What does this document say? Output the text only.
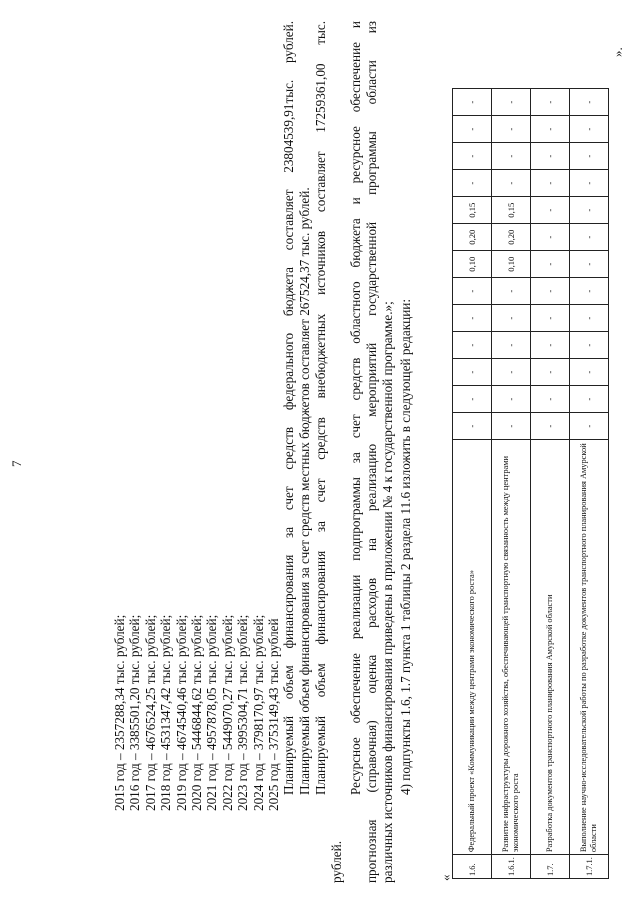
7
2015 год – 2357288,34 тыс. рублей; 2016 год – 3385501,20 тыс. рублей; 2017 год – 4676524,25 тыс. рублей; 2018 год – 4531347,42 тыс. рублей; 2019 год – 4674540,46 тыс. рублей; 2020 год – 5446844,62 тыс. рублей; 2021 год – 4957878,05 тыс. рублей; 2022 год – 5449070,27 тыс. рублей; 2023 год – 3995304,71 тыс. рублей; 2024 год – 3798170,97 тыс. рублей; 2025 год – 3753149,43 тыс. рублей Планируемый объем финансирования за счет средств федерального бюджета составляет 23804539,91тыс. рублей. Планируемый объем финансирования за счет средств местных бюджетов составляет 267524,37 тыс. рублей. Планируемый объем финансирования за счет средств внебюджетных источников составляет 17259361,00 тыс.
рублей.
Ресурсное обеспечение реализации подпрограммы за счет средств областного бюджета и ресурсное обеспечение и прогнозная (справочная) оценка расходов на реализацию мероприятий государственной программы области из различных источников финансирования приведены в приложении № 4 к государственной программе.»; 4) подпункты 1.6, 1.7 пункта 1 таблицы 2 раздела 11.6 изложить в следующей редакции:
«
1.6.	Федеральный проект «Коммуникации между центрами экономического роста»	-	-	-	-	-	-	0,10	0,20	0,15	-	-	-	-
1.6.1.	Развитие инфраструктуры дорожного хозяйства, обеспечивающей транспортную связанность между центрами экономического роста	-	-	-	-	-	-	0,10	0,20	0,15	-	-	-	-
1.7.	Разработка документов транспортного планирования Амурской области	-	-	-	-	-	-	-	-	-	-	-	-	-
1.7.1.	Выполнение научно-исследовательской работы по разработке документов транспортного планирования Амурской области	-	-	-	-	-	-	-	-	-	-	-	-	-
».
